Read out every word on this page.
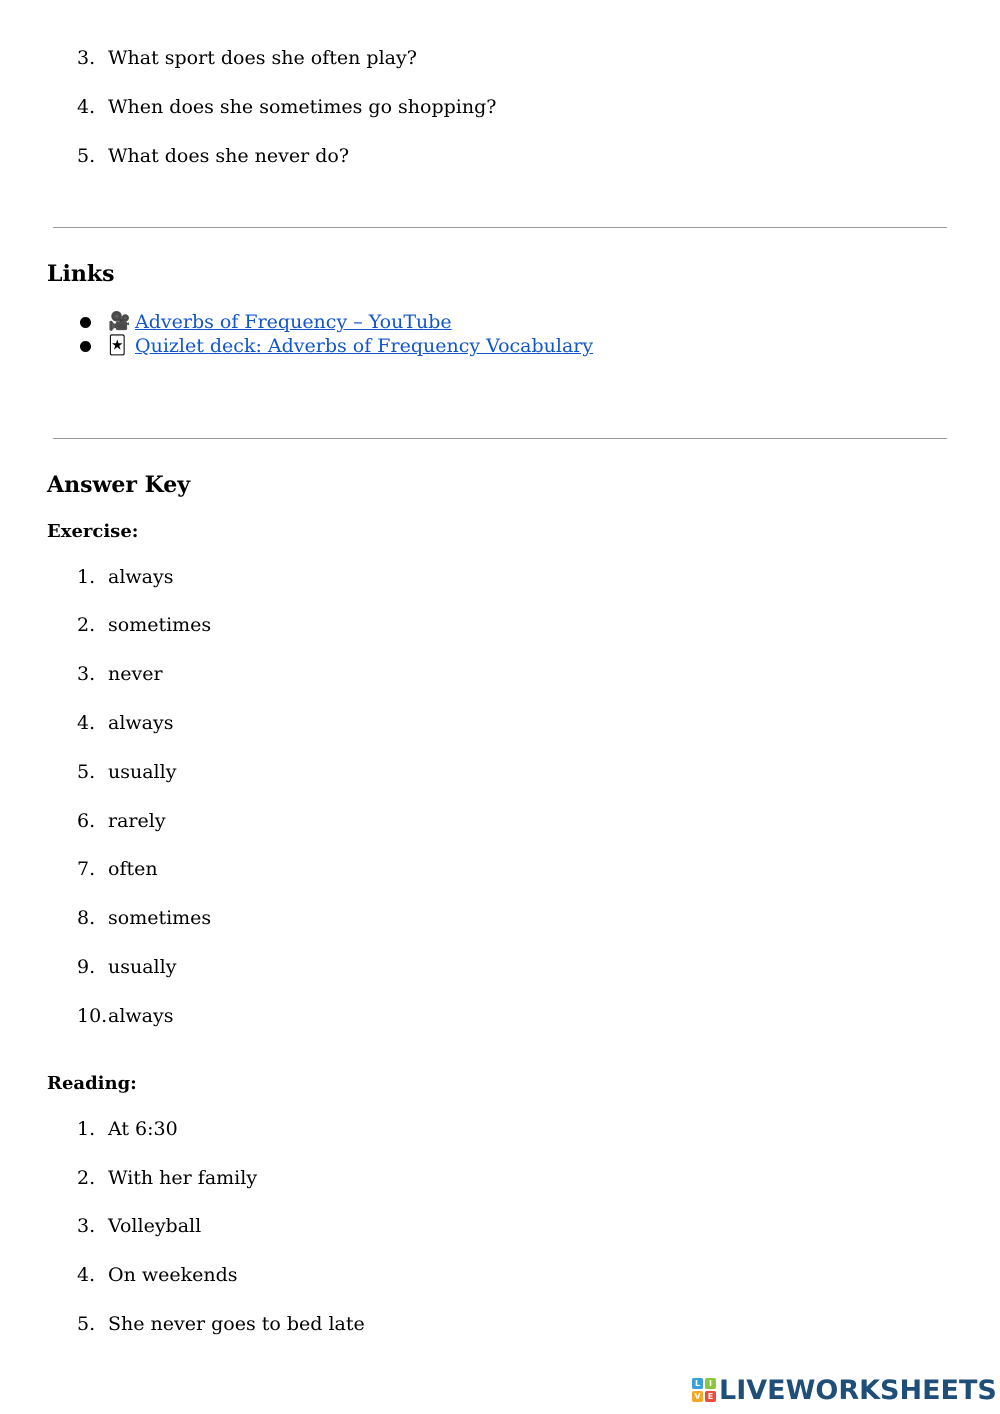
3. What sport does she often play?
4. When does she sometimes go shopping?
5. What does she never do?
Links
🎥 Adverbs of Frequency – YouTube
🃏 Quizlet deck: Adverbs of Frequency Vocabulary
Answer Key
Exercise:
1. always
2. sometimes
3. never
4. always
5. usually
6. rarely
7. often
8. sometimes
9. usually
10. always
Reading:
1. At 6:30
2. With her family
3. Volleyball
4. On weekends
5. She never goes to bed late
L	I
V E LIVEWORKSHEETS
